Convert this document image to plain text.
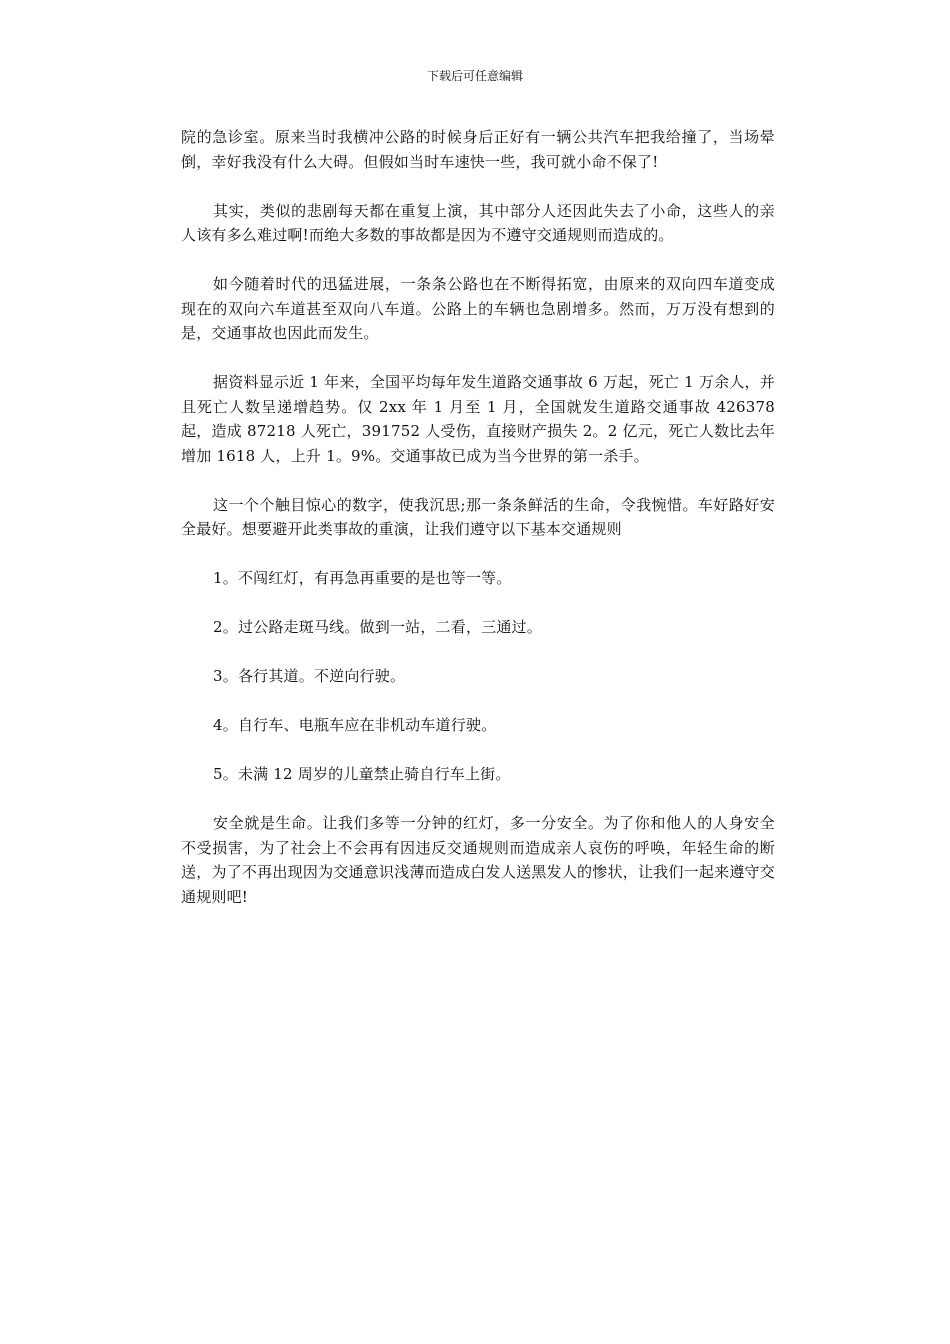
下载后可任意编辑

院的急诊室。原来当时我横冲公路的时候身后正好有一辆公共汽车把我给撞了，当场晕倒，幸好我没有什么大碍。但假如当时车速快一些，我可就小命不保了!

其实，类似的悲剧每天都在重复上演，其中部分人还因此失去了小命，这些人的亲人该有多么难过啊!而绝大多数的事故都是因为不遵守交通规则而造成的。

如今随着时代的迅猛进展，一条条公路也在不断得拓宽，由原来的双向四车道变成现在的双向六车道甚至双向八车道。公路上的车辆也急剧增多。然而，万万没有想到的是，交通事故也因此而发生。

据资料显示近 1 年来，全国平均每年发生道路交通事故 6 万起，死亡 1 万余人，并且死亡人数呈递增趋势。仅 2xx 年 1 月至 1 月，全国就发生道路交通事故 426378 起，造成 87218 人死亡，391752 人受伤，直接财产损失 2。2 亿元，死亡人数比去年增加 1618 人，上升 1。9%。交通事故已成为当今世界的第一杀手。

这一个个触目惊心的数字，使我沉思;那一条条鲜活的生命，令我惋惜。车好路好安全最好。想要避开此类事故的重演，让我们遵守以下基本交通规则

1。不闯红灯，有再急再重要的是也等一等。

2。过公路走斑马线。做到一站，二看，三通过。

3。各行其道。不逆向行驶。

4。自行车、电瓶车应在非机动车道行驶。

5。未满 12 周岁的儿童禁止骑自行车上街。

安全就是生命。让我们多等一分钟的红灯，多一分安全。为了你和他人的人身安全不受损害，为了社会上不会再有因违反交通规则而造成亲人哀伤的呼唤，年轻生命的断送，为了不再出现因为交通意识浅薄而造成白发人送黑发人的惨状，让我们一起来遵守交通规则吧!
